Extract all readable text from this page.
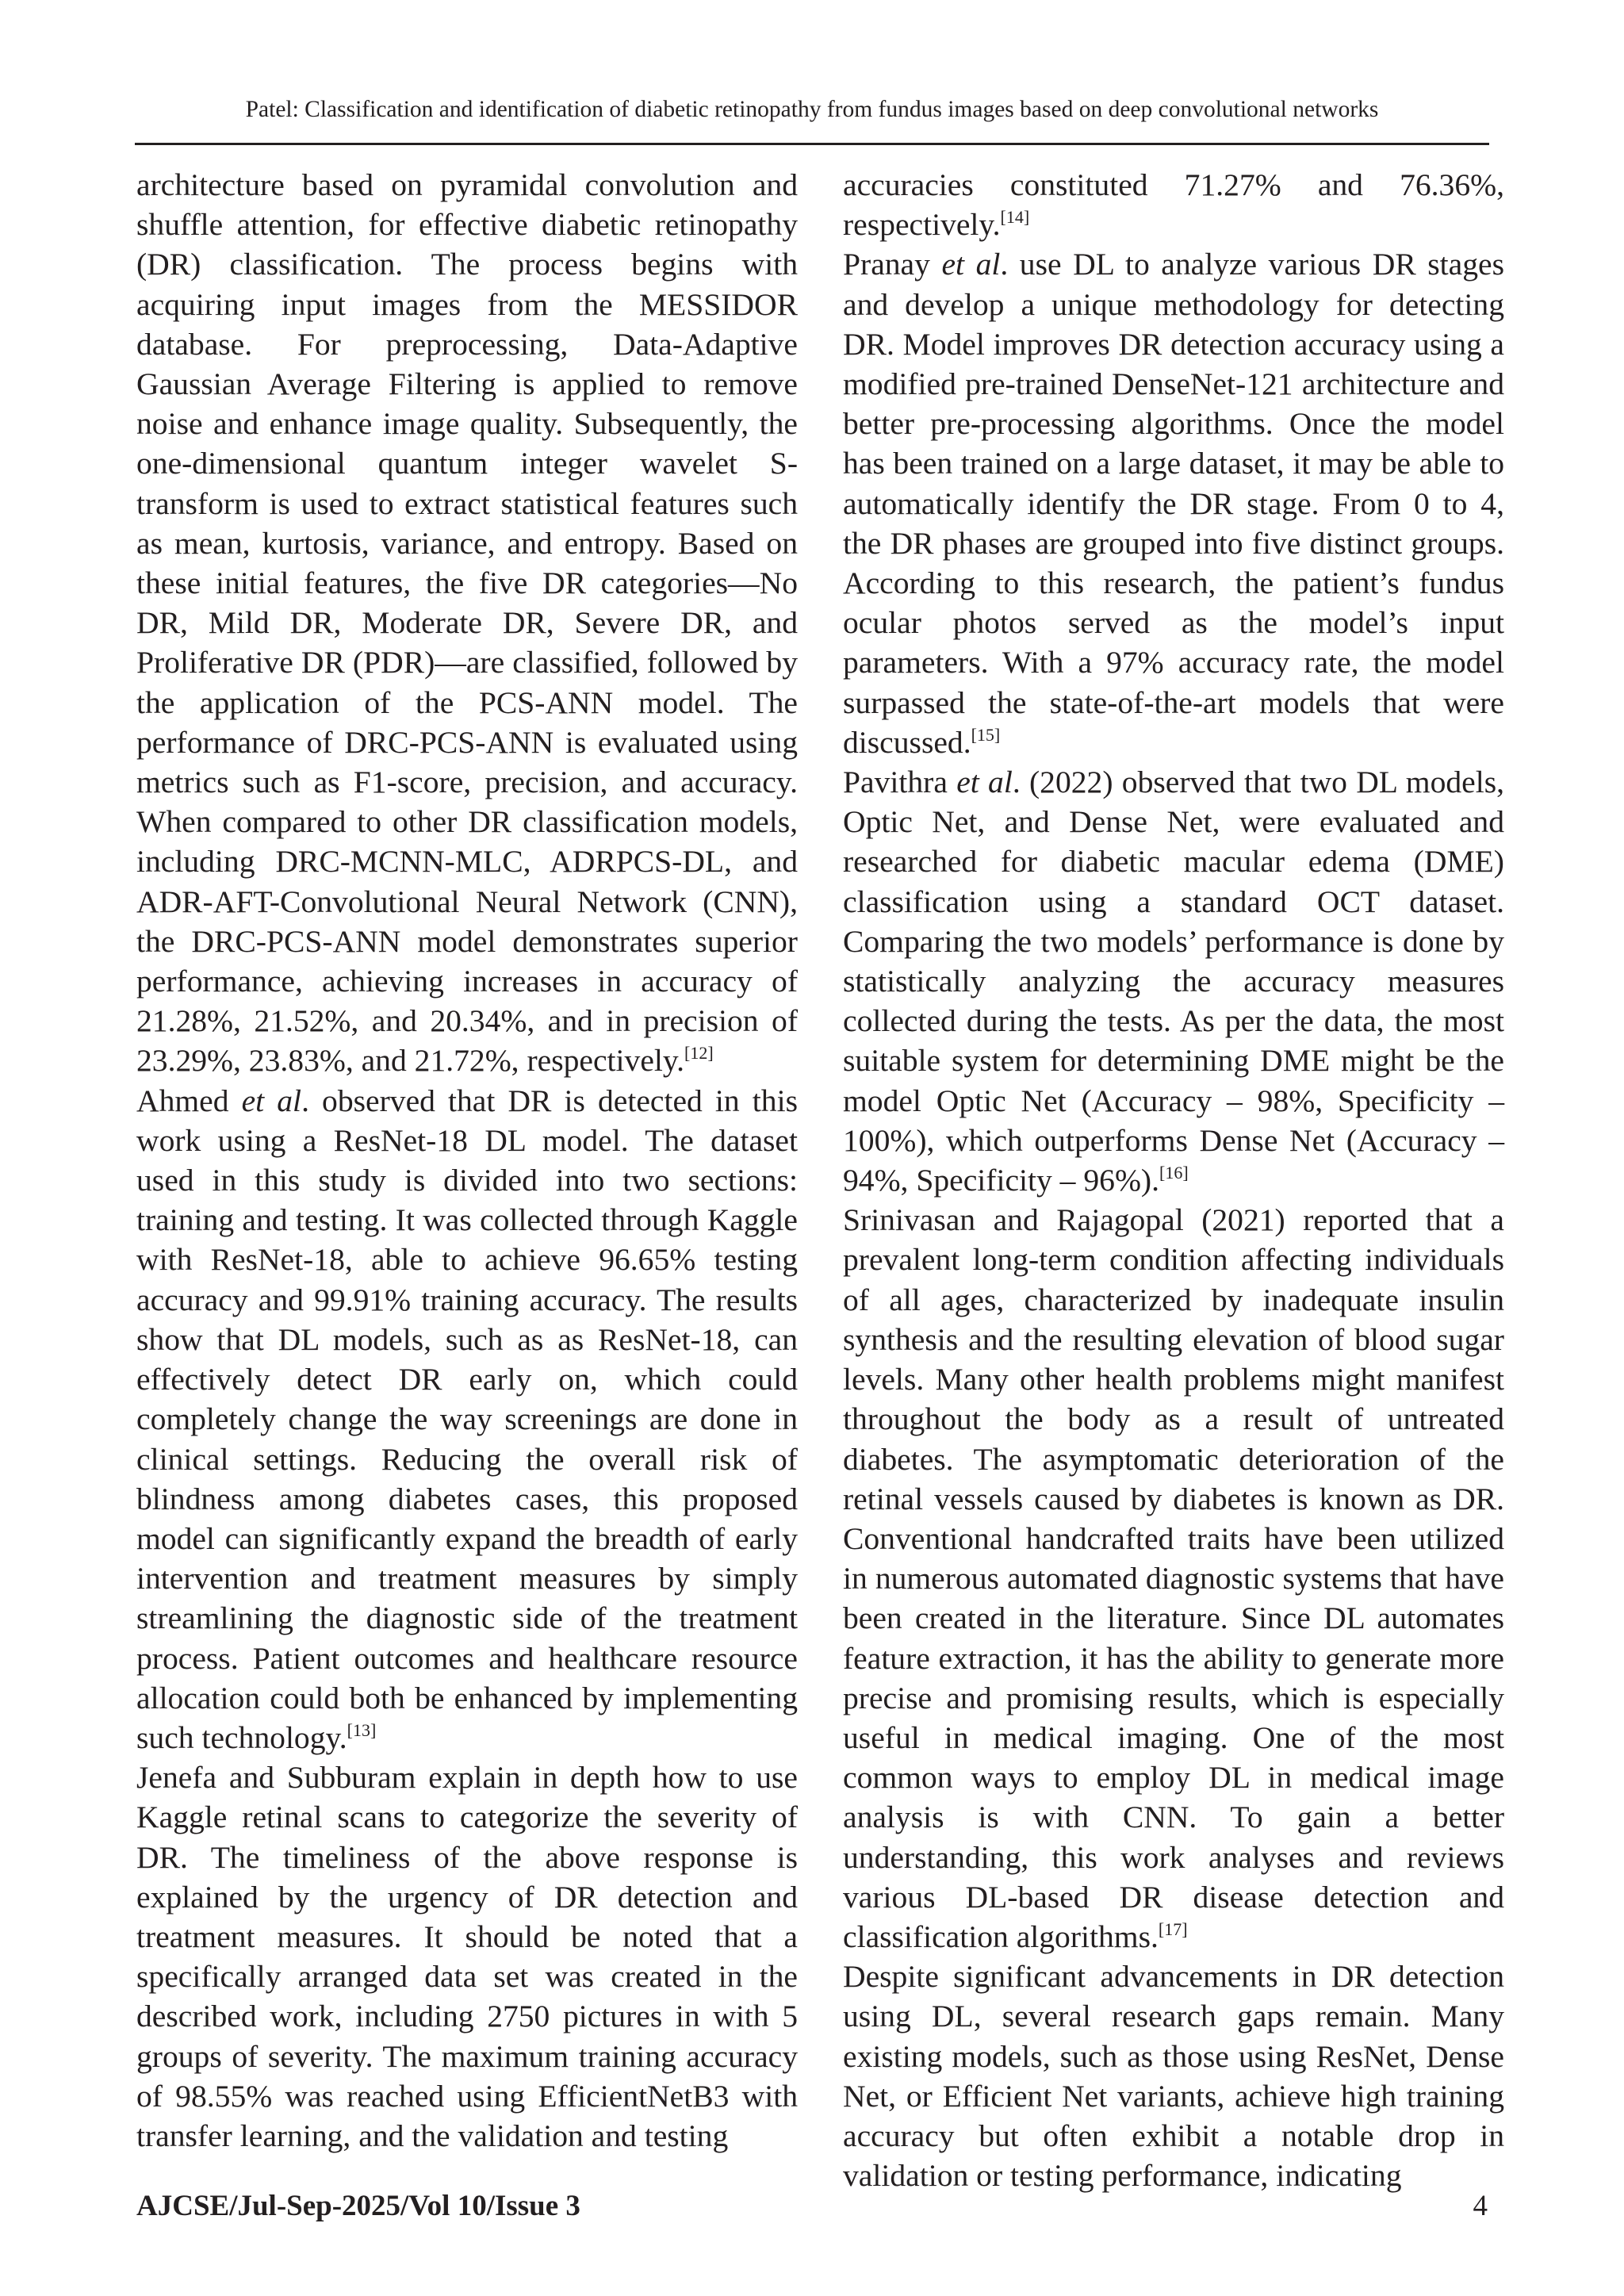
Patel: Classification and identification of diabetic retinopathy from fundus images based on deep convolutional networks

architecture based on pyramidal convolution and shuffle attention, for effective diabetic retinopathy (DR) classification. The process begins with acquiring input images from the MESSIDOR database. For preprocessing, Data-Adaptive Gaussian Average Filtering is applied to remove noise and enhance image quality. Subsequently, the one-dimensional quantum integer wavelet S-transform is used to extract statistical features such as mean, kurtosis, variance, and entropy. Based on these initial features, the five DR categories—No DR, Mild DR, Moderate DR, Severe DR, and Proliferative DR (PDR)—are classified, followed by the application of the PCS-ANN model. The performance of DRC-PCS-ANN is evaluated using metrics such as F1-score, precision, and accuracy. When compared to other DR classification models, including DRC-MCNN-MLC, ADRPCS-DL, and ADR-AFT-Convolutional Neural Network (CNN), the DRC-PCS-ANN model demonstrates superior performance, achieving increases in accuracy of 21.28%, 21.52%, and 20.34%, and in precision of 23.29%, 23.83%, and 21.72%, respectively.[12]

Ahmed et al. observed that DR is detected in this work using a ResNet-18 DL model. The dataset used in this study is divided into two sections: training and testing. It was collected through Kaggle with ResNet-18, able to achieve 96.65% testing accuracy and 99.91% training accuracy. The results show that DL models, such as as ResNet-18, can effectively detect DR early on, which could completely change the way screenings are done in clinical settings. Reducing the overall risk of blindness among diabetes cases, this proposed model can significantly expand the breadth of early intervention and treatment measures by simply streamlining the diagnostic side of the treatment process. Patient outcomes and healthcare resource allocation could both be enhanced by implementing such technology.[13]

Jenefa and Subburam explain in depth how to use Kaggle retinal scans to categorize the severity of DR. The timeliness of the above response is explained by the urgency of DR detection and treatment measures. It should be noted that a specifically arranged data set was created in the described work, including 2750 pictures in with 5 groups of severity. The maximum training accuracy of 98.55% was reached using EfficientNetB3 with transfer learning, and the validation and testing

accuracies constituted 71.27% and 76.36%, respectively.[14]

Pranay et al. use DL to analyze various DR stages and develop a unique methodology for detecting DR. Model improves DR detection accuracy using a modified pre-trained DenseNet-121 architecture and better pre-processing algorithms. Once the model has been trained on a large dataset, it may be able to automatically identify the DR stage. From 0 to 4, the DR phases are grouped into five distinct groups. According to this research, the patient’s fundus ocular photos served as the model’s input parameters. With a 97% accuracy rate, the model surpassed the state-of-the-art models that were discussed.[15]

Pavithra et al. (2022) observed that two DL models, Optic Net, and Dense Net, were evaluated and researched for diabetic macular edema (DME) classification using a standard OCT dataset. Comparing the two models’ performance is done by statistically analyzing the accuracy measures collected during the tests. As per the data, the most suitable system for determining DME might be the model Optic Net (Accuracy – 98%, Specificity – 100%), which outperforms Dense Net (Accuracy – 94%, Specificity – 96%).[16]

Srinivasan and Rajagopal (2021) reported that a prevalent long-term condition affecting individuals of all ages, characterized by inadequate insulin synthesis and the resulting elevation of blood sugar levels. Many other health problems might manifest throughout the body as a result of untreated diabetes. The asymptomatic deterioration of the retinal vessels caused by diabetes is known as DR. Conventional handcrafted traits have been utilized in numerous automated diagnostic systems that have been created in the literature. Since DL automates feature extraction, it has the ability to generate more precise and promising results, which is especially useful in medical imaging. One of the most common ways to employ DL in medical image analysis is with CNN. To gain a better understanding, this work analyses and reviews various DL-based DR disease detection and classification algorithms.[17]

Despite significant advancements in DR detection using DL, several research gaps remain. Many existing models, such as those using ResNet, Dense Net, or Efficient Net variants, achieve high training accuracy but often exhibit a notable drop in validation or testing performance, indicating

AJCSE/Jul-Sep-2025/Vol 10/Issue 3	4
